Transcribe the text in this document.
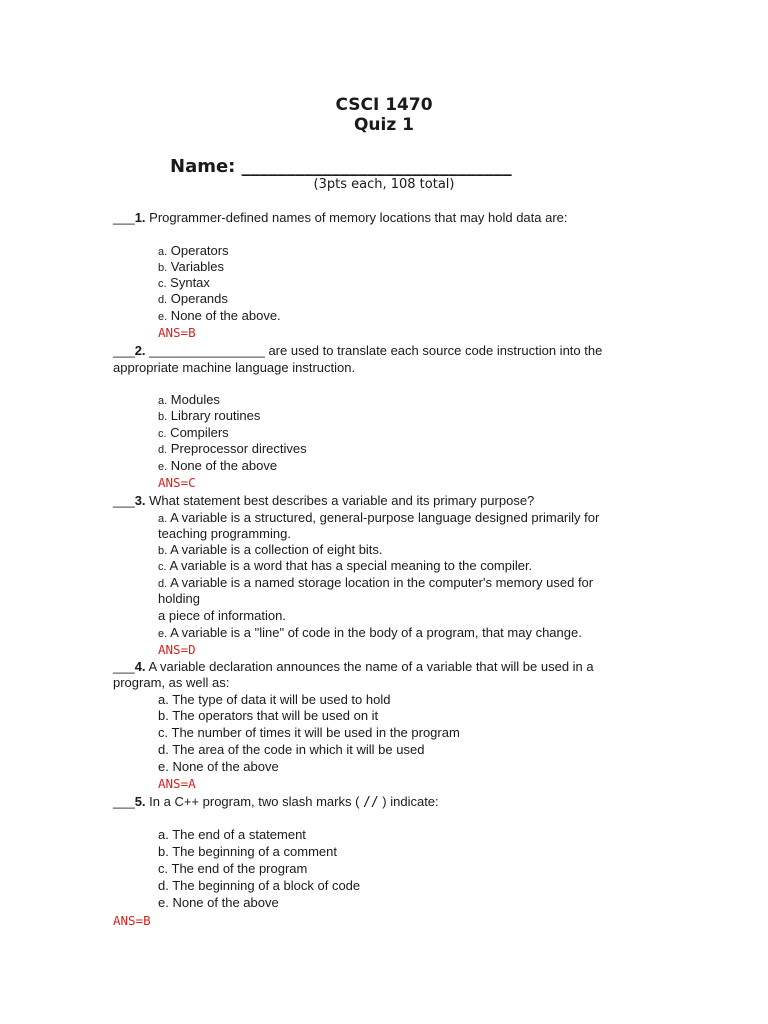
CSCI 1470
Quiz 1
Name: ______________________________
(3pts each, 108 total)
___1. Programmer-defined names of memory locations that may hold data are:
a. Operators
b. Variables
c. Syntax
d. Operands
e. None of the above.
ANS=B
___2. ________________ are used to translate each source code instruction into the
appropriate machine language instruction.
a. Modules
b. Library routines
c. Compilers
d. Preprocessor directives
e. None of the above
ANS=C
___3. What statement best describes a variable and its primary purpose?
a. A variable is a structured, general-purpose language designed primarily for
teaching programming.
b. A variable is a collection of eight bits.
c. A variable is a word that has a special meaning to the compiler.
d. A variable is a named storage location in the computer's memory used for
holding
a piece of information.
e. A variable is a "line" of code in the body of a program, that may change.
ANS=D
___4. A variable declaration announces the name of a variable that will be used in a
program, as well as:
a. The type of data it will be used to hold
b. The operators that will be used on it
c. The number of times it will be used in the program
d. The area of the code in which it will be used
e. None of the above
ANS=A
___5. In a C++ program, two slash marks ( // ) indicate:
a. The end of a statement
b. The beginning of a comment
c. The end of the program
d. The beginning of a block of code
e. None of the above
ANS=B
